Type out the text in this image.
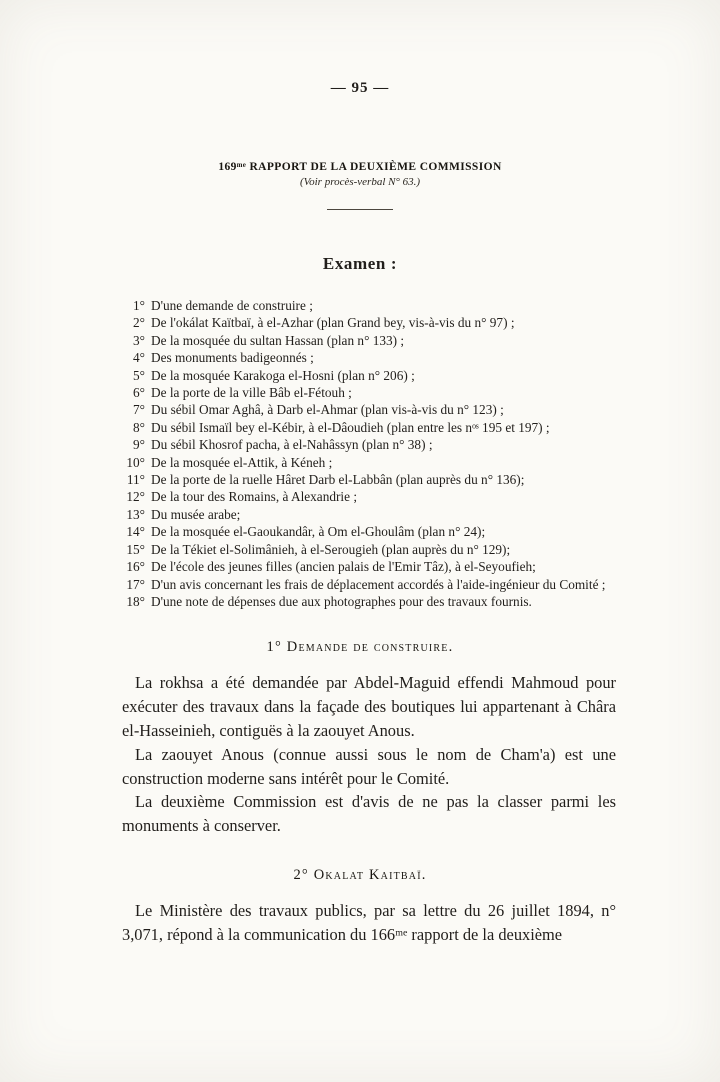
— 95 —
169ᵐᵉ RAPPORT DE LA DEUXIÈME COMMISSION
(Voir procès-verbal N° 63.)
Examen :
1° D'une demande de construire ;
2° De l'okálat Kaïtbaï, à el-Azhar (plan Grand bey, vis-à-vis du n° 97) ;
3° De la mosquée du sultan Hassan (plan n° 133) ;
4° Des monuments badigeonnés ;
5° De la mosquée Karakoga el-Hosni (plan n° 206) ;
6° De la porte de la ville Bâb el-Fétouh ;
7° Du sébil Omar Aghâ, à Darb el-Ahmar (plan vis-à-vis du n° 123) ;
8° Du sébil Ismaïl bey el-Kébir, à el-Dâoudieh (plan entre les nᵒˢ 195 et 197) ;
9° Du sébil Khosrof pacha, à el-Nahâssyn (plan n° 38) ;
10° De la mosquée el-Attik, à Kéneh ;
11° De la porte de la ruelle Hâret Darb el-Labbân (plan auprès du n° 136);
12° De la tour des Romains, à Alexandrie ;
13° Du musée arabe;
14° De la mosquée el-Gaoukandâr, à Om el-Ghoulâm (plan n° 24);
15° De la Tékiet el-Solimânieh, à el-Serougieh (plan auprès du n° 129);
16° De l'école des jeunes filles (ancien palais de l'Emir Tâz), à el-Seyoufieh;
17° D'un avis concernant les frais de déplacement accordés à l'aide-ingénieur du Comité ;
18° D'une note de dépenses due aux photographes pour des travaux fournis.
1° Demande de construire.

La rokhsa a été demandée par Abdel-Maguid effendi Mahmoud pour exécuter des travaux dans la façade des boutiques lui appartenant à Châra el-Hasseinieh, contiguës à la zaouyet Anous.

La zaouyet Anous (connue aussi sous le nom de Cham'a) est une construction moderne sans intérêt pour le Comité.

La deuxième Commission est d'avis de ne pas la classer parmi les monuments à conserver.

2° Okalat Kaitbaï.

Le Ministère des travaux publics, par sa lettre du 26 juillet 1894, n° 3,071, répond à la communication du 166ᵐᵉ rapport de la deuxième
